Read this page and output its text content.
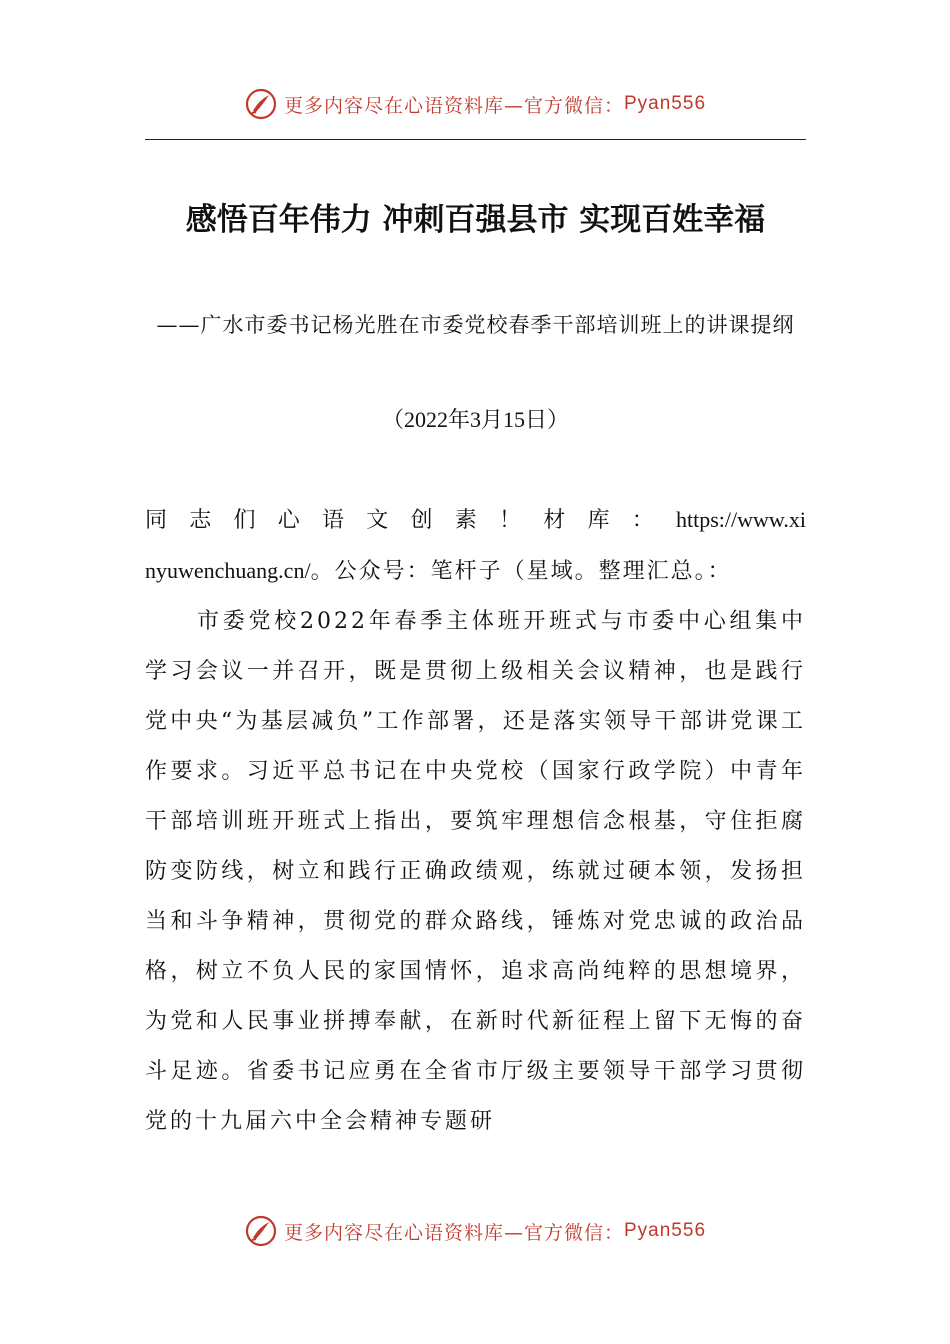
更多内容尽在心语资料库—官方微信： Pyan556
感悟百年伟力 冲刺百强县市 实现百姓幸福
——广水市委书记杨光胜在市委党校春季干部培训班上的讲课提纲
（2022年3月15日）

同志们心语文创素！材库：https://www.xinyuwenchuang.cn/。公众号：笔杆子（星域。整理汇总。：

市委党校2022年春季主体班开班式与市委中心组集中学习会议一并召开，既是贯彻上级相关会议精神，也是践行党中央“为基层减负”工作部署，还是落实领导干部讲党课工作要求。习近平总书记在中央党校（国家行政学院）中青年干部培训班开班式上指出，要筑牢理想信念根基，守住拒腐防变防线，树立和践行正确政绩观，练就过硬本领，发扬担当和斗争精神，贯彻党的群众路线，锤炼对党忠诚的政治品格，树立不负人民的家国情怀，追求高尚纯粹的思想境界，为党和人民事业拼搏奉献，在新时代新征程上留下无悔的奋斗足迹。省委书记应勇在全省市厅级主要领导干部学习贯彻党的十九届六中全会精神专题研

更多内容尽在心语资料库—官方微信： Pyan556
